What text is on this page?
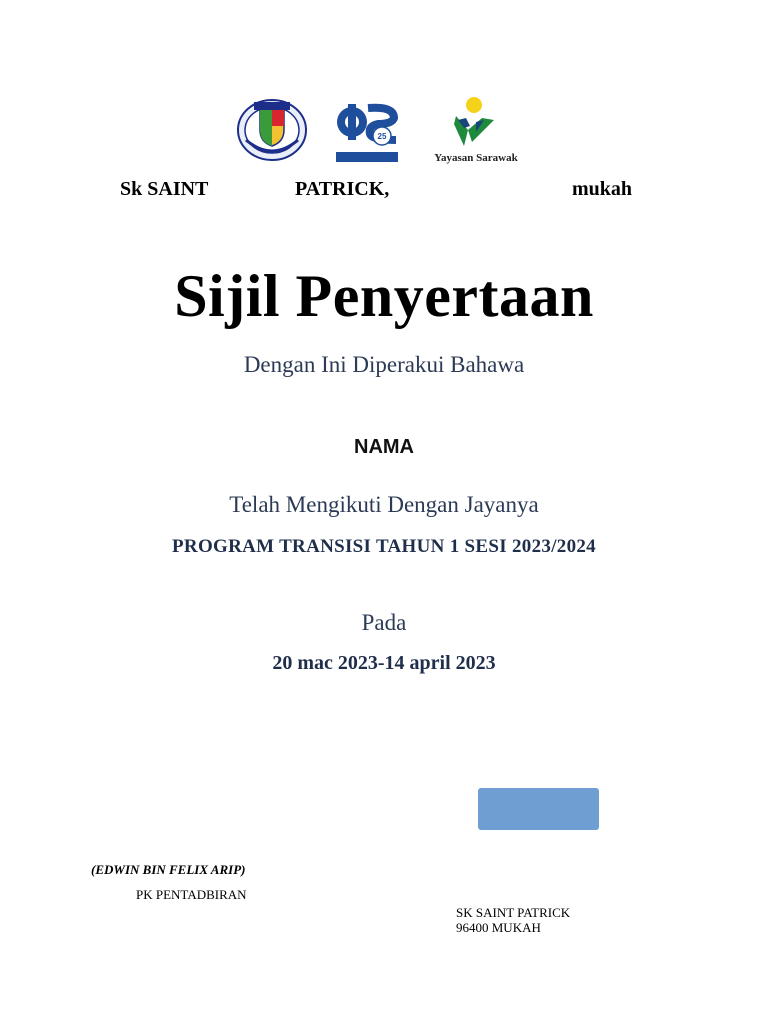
25
Yayasan Sarawak
Sk SAINT	PATRICK,	mukah
Sijil Penyertaan
Dengan Ini Diperakui Bahawa
NAMA
Telah Mengikuti Dengan Jayanya
PROGRAM TRANSISI TAHUN 1 SESI 2023/2024
Pada
20 mac 2023-14 april 2023
(EDWIN BIN FELIX ARIP)
PK PENTADBIRAN
SK SAINT PATRICK
96400 MUKAH
